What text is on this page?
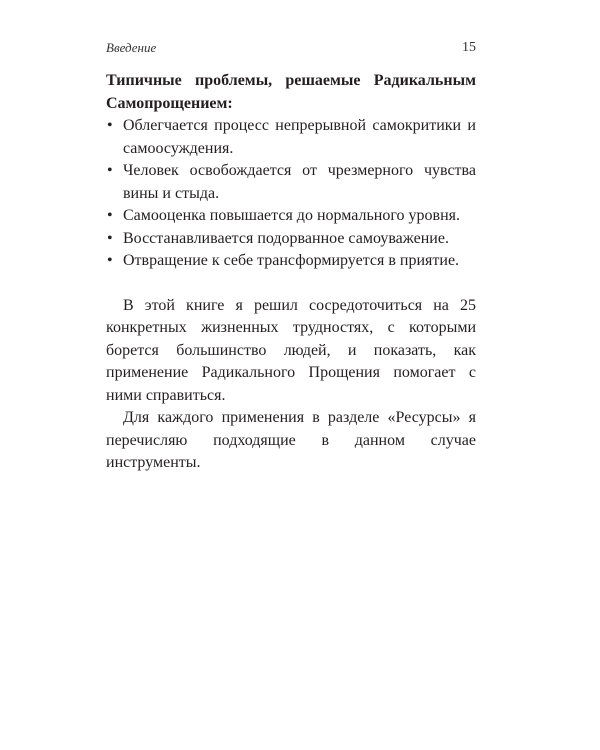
Введение	15

Типичные проблемы, решаемые Радикальным Самопрощением:

• Облегчается процесс непрерывной самокритики и самоосуждения.
• Человек освобождается от чрезмерного чувства вины и стыда.
• Самооценка повышается до нормального уровня.
• Восстанавливается подорванное самоуважение.
• Отвращение к себе трансформируется в приятие.

В этой книге я решил сосредоточиться на 25 конкретных жизненных трудностях, с которыми борется большинство людей, и показать, как применение Радикального Прощения помогает с ними справиться.

Для каждого применения в разделе «Ресурсы» я перечисляю подходящие в данном случае инструменты.
